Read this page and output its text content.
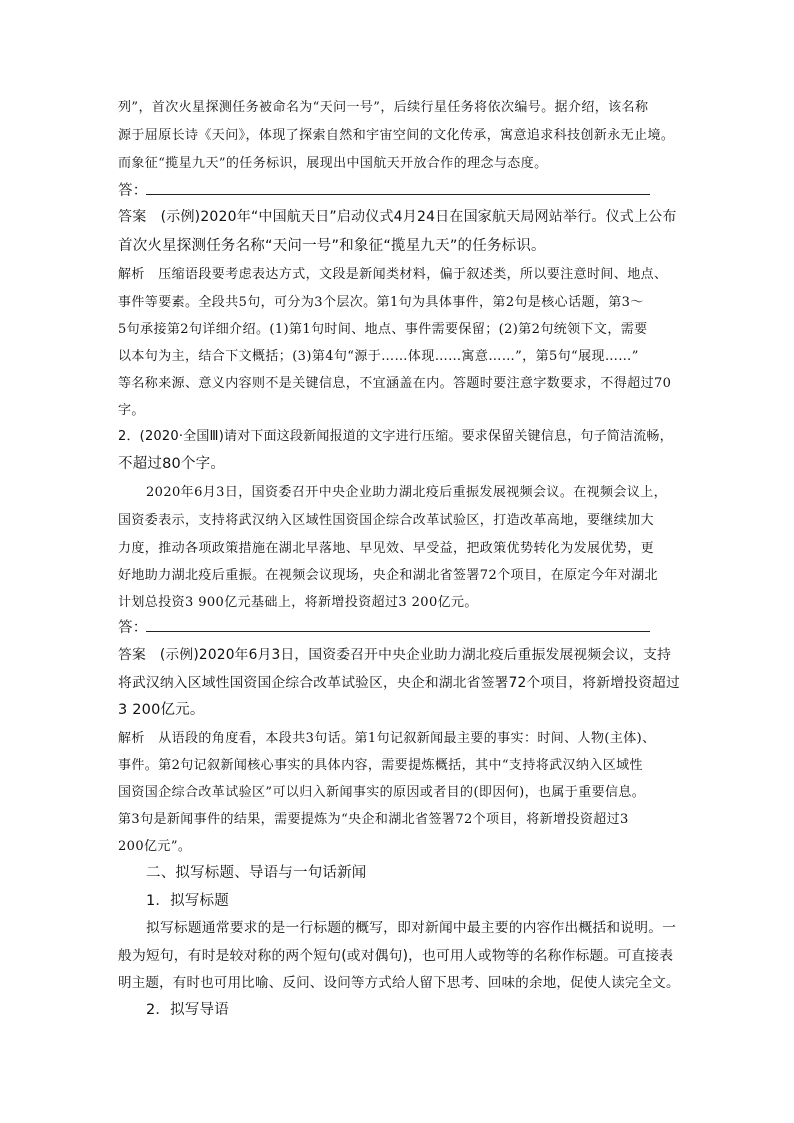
列”，首次火星探测任务被命名为“天问一号”，后续行星任务将依次编号。据介绍，该名称
源于屈原长诗《天问》，体现了探索自然和宇宙空间的文化传承，寓意追求科技创新永无止境。
而象征“揽星九天”的任务标识，展现出中国航天开放合作的理念与态度。
答：
答案　(示例)2020年“中国航天日”启动仪式4月24日在国家航天局网站举行。仪式上公布
首次火星探测任务名称“天问一号”和象征“揽星九天”的任务标识。
解析　压缩语段要考虑表达方式，文段是新闻类材料，偏于叙述类，所以要注意时间、地点、
事件等要素。全段共5句，可分为3个层次。第1句为具体事件，第2句是核心话题，第3～
5句承接第2句详细介绍。(1)第1句时间、地点、事件需要保留；(2)第2句统领下文，需要
以本句为主，结合下文概括；(3)第4句“源于……体现……寓意……”，第5句“展现……”
等名称来源、意义内容则不是关键信息，不宜涵盖在内。答题时要注意字数要求，不得超过70
字。
2．(2020·全国Ⅲ)请对下面这段新闻报道的文字进行压缩。要求保留关键信息，句子简洁流畅，
不超过80个字。
2020年6月3日，国资委召开中央企业助力湖北疫后重振发展视频会议。在视频会议上，
国资委表示，支持将武汉纳入区域性国资国企综合改革试验区，打造改革高地，要继续加大
力度，推动各项政策措施在湖北早落地、早见效、早受益，把政策优势转化为发展优势，更
好地助力湖北疫后重振。在视频会议现场，央企和湖北省签署72个项目，在原定今年对湖北
计划总投资3 900亿元基础上，将新增投资超过3 200亿元。
答：
答案　(示例)2020年6月3日，国资委召开中央企业助力湖北疫后重振发展视频会议，支持
将武汉纳入区域性国资国企综合改革试验区，央企和湖北省签署72个项目，将新增投资超过
3 200亿元。
解析　从语段的角度看，本段共3句话。第1句记叙新闻最主要的事实：时间、人物(主体)、
事件。第2句记叙新闻核心事实的具体内容，需要提炼概括，其中“支持将武汉纳入区域性
国资国企综合改革试验区”可以归入新闻事实的原因或者目的(即因何)，也属于重要信息。
第3句是新闻事件的结果，需要提炼为“央企和湖北省签署72个项目，将新增投资超过3
200亿元”。
二、拟写标题、导语与一句话新闻
1．拟写标题
拟写标题通常要求的是一行标题的概写，即对新闻中最主要的内容作出概括和说明。一
般为短句，有时是较对称的两个短句(或对偶句)，也可用人或物等的名称作标题。可直接表
明主题，有时也可用比喻、反问、设问等方式给人留下思考、回味的余地，促使人读完全文。
2．拟写导语
